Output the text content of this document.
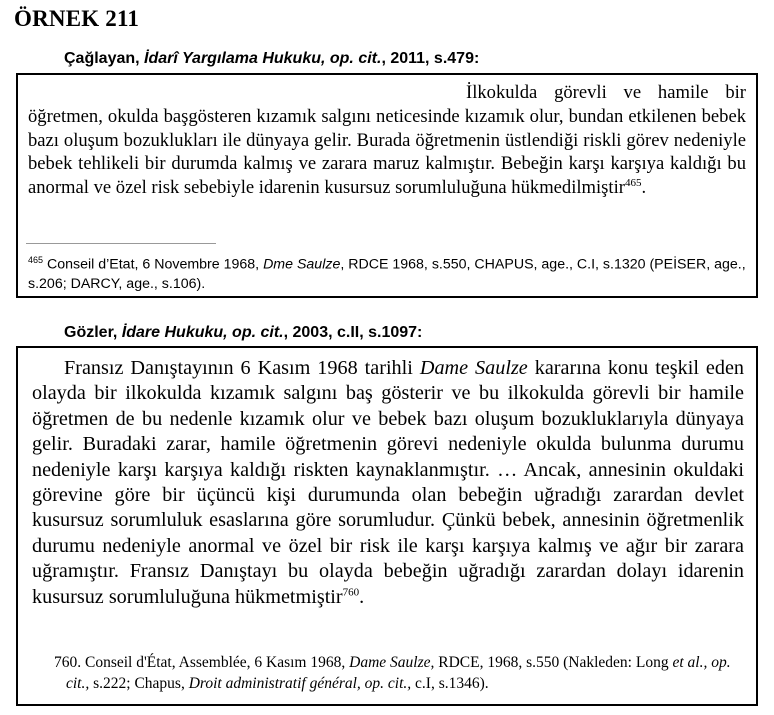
ÖRNEK 211
Çağlayan, İdarî Yargılama Hukuku, op. cit., 2011, s.479:

İlkokulda görevli ve hamile bir öğretmen, okulda başgösteren kızamık salgını neticesinde kızamık olur, bundan etkilenen bebek bazı oluşum bozuklukları ile dünyaya gelir. Burada öğretmenin üstlendiği riskli görev nedeniyle bebek tehlikeli bir durumda kalmış ve zarara maruz kalmıştır. Bebeğin karşı karşıya kaldığı bu anormal ve özel risk sebebiyle idarenin kusursuz sorumluluğuna hükmedilmiştir$^{465}$.

$^{465}$ Conseil d’Etat, 6 Novembre 1968, Dme Saulze, RDCE 1968, s.550, CHAPUS, age., C.I, s.1320 (PEİSER, age., s.206; DARCY, age., s.106).
Gözler, İdare Hukuku, op. cit., 2003, c.II, s.1097:

Fransız Danıştayının 6 Kasım 1968 tarihli Dame Saulze kararına konu teşkil eden olayda bir ilkokulda kızamık salgını baş gösterir ve bu ilkokulda görevli bir hamile öğretmen de bu nedenle kızamık olur ve bebek bazı oluşum bozukluklarıyla dünyaya gelir. Buradaki zarar, hamile öğretmenin görevi nedeniyle okulda bulunma durumu nedeniyle karşı karşıya kaldığı riskten kaynaklanmıştır. … Ancak, annesinin okuldaki görevine göre bir üçüncü kişi durumunda olan bebeğin uğradığı zarardan devlet kusursuz sorumluluk esaslarına göre sorumludur. Çünkü bebek, annesinin öğretmenlik durumu nedeniyle anormal ve özel bir risk ile karşı karşıya kalmış ve ağır bir zarara uğramıştır. Fransız Danıştayı bu olayda bebeğin uğradığı zarardan dolayı idarenin kusursuz sorumluluğuna hükmetmiştir$^{760}$.

760. Conseil d'État, Assemblée, 6 Kasım 1968, Dame Saulze, RDCE, 1968, s.550 (Nakleden: Long et al., op. cit., s.222; Chapus, Droit administratif général, op. cit., c.I, s.1346).
